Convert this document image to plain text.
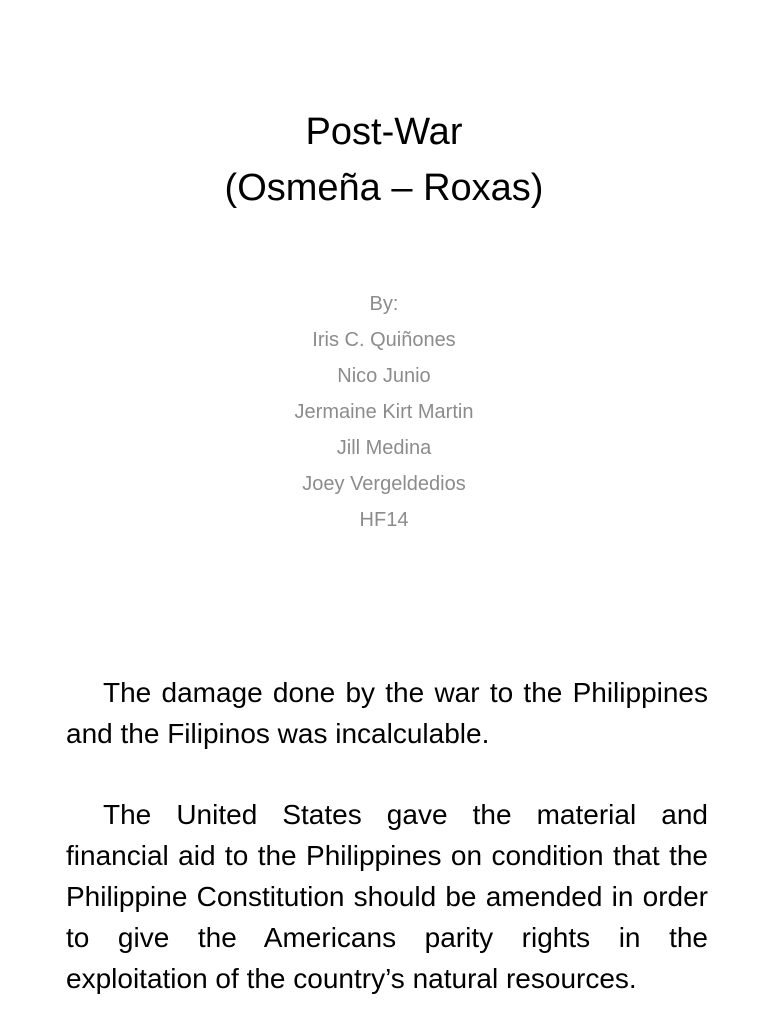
Post-War
(Osmeña – Roxas)
By:
Iris C. Quiñones
Nico Junio
Jermaine Kirt Martin
Jill Medina
Joey Vergeldedios
HF14

The damage done by the war to the Philippines and the Filipinos was incalculable.

The United States gave the material and financial aid to the Philippines on condition that the Philippine Constitution should be amended in order to give the Americans parity rights in the exploitation of the country’s natural resources.
